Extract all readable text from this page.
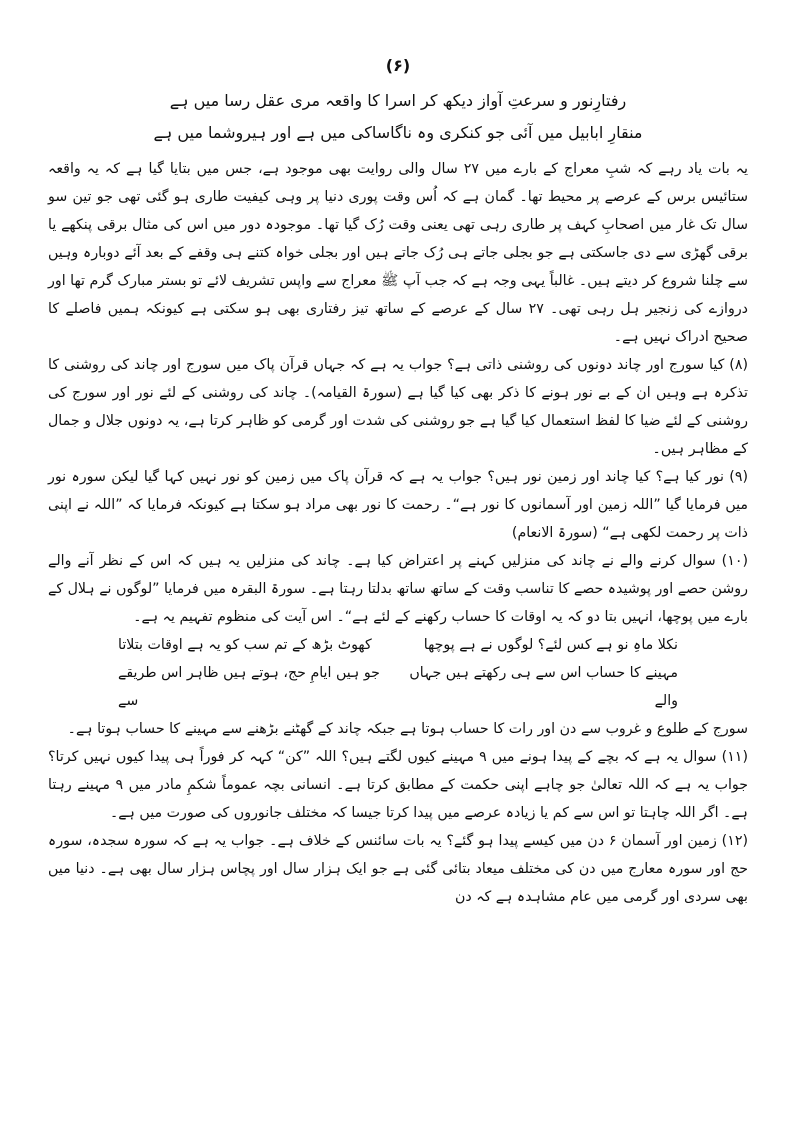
(۶)
رفتارِنور و سرعتِ آواز دیکھ کر اسرا کا واقعہ مری عقل رسا میں ہے
منقارِ ابابیل میں آئی جو کنکری وہ ناگاساکی میں ہے اور ہیروشما میں ہے

یہ بات یاد رہے کہ شبِ معراج کے بارے میں ۲۷ سال والی روایت بھی موجود ہے، جس میں بتایا گیا ہے کہ یہ واقعہ ستائیس برس کے عرصے پر محیط تھا۔ گمان ہے کہ اُس وقت پوری دنیا پر وہی کیفیت طاری ہو گئی تھی جو تین سو سال تک غار میں اصحابِ کہف پر طاری رہی تھی یعنی وقت رُک گیا تھا۔ موجودہ دور میں اس کی مثال برقی پنکھے یا برقی گھڑی سے دی جاسکتی ہے جو بجلی جاتے ہی رُک جاتے ہیں اور بجلی خواہ کتنے ہی وقفے کے بعد آئے دوبارہ وہیں سے چلنا شروع کر دیتے ہیں۔ غالباً یہی وجہ ہے کہ جب آپ ﷺ معراج سے واپس تشریف لائے تو بستر مبارک گرم تھا اور دروازے کی زنجیر ہل رہی تھی۔ ۲۷ سال کے عرصے کے ساتھ تیز رفتاری بھی ہو سکتی ہے کیونکہ ہمیں فاصلے کا صحیح ادراک نہیں ہے۔

(۸) کیا سورج اور چاند دونوں کی روشنی ذاتی ہے؟ جواب یہ ہے کہ جہاں قرآن پاک میں سورج اور چاند کی روشنی کا تذکرہ ہے وہیں ان کے بے نور ہونے کا ذکر بھی کیا گیا ہے (سورۃ القیامہ)۔ چاند کی روشنی کے لئے نور اور سورج کی روشنی کے لئے ضیا کا لفظ استعمال کیا گیا ہے جو روشنی کی شدت اور گرمی کو ظاہر کرتا ہے، یہ دونوں جلال و جمال کے مظاہر ہیں۔

(۹) نور کیا ہے؟ کیا چاند اور زمین نور ہیں؟ جواب یہ ہے کہ قرآن پاک میں زمین کو نور نہیں کہا گیا لیکن سورہ نور میں فرمایا گیا ”اللہ زمین اور آسمانوں کا نور ہے“۔ رحمت کا نور بھی مراد ہو سکتا ہے کیونکہ فرمایا کہ ”اللہ نے اپنی ذات پر رحمت لکھی ہے“ (سورۃ الانعام)

(۱۰) سوال کرنے والے نے چاند کی منزلیں کہنے پر اعتراض کیا ہے۔ چاند کی منزلیں یہ ہیں کہ اس کے نظر آنے والے روشن حصے اور پوشیدہ حصے کا تناسب وقت کے ساتھ ساتھ بدلتا رہتا ہے۔ سورۃ البقرہ میں فرمایا ”لوگوں نے ہلال کے بارے میں پوچھا، انہیں بتا دو کہ یہ اوقات کا حساب رکھنے کے لئے ہے“۔ اس آیت کی منظوم تفہیم یہ ہے۔

نکلا ماہِ نو ہے کس لئے؟ لوگوں نے ہے پوچھا
کھوٹ بڑھ کے تم سب کو یہ ہے اوقات بتلاتا
مہینے کا حساب اس سے ہی رکھتے ہیں جہاں والے
جو ہیں ایامِ حج، ہوتے ہیں ظاہر اس طریقے سے

سورج کے طلوع و غروب سے دن اور رات کا حساب ہوتا ہے جبکہ چاند کے گھٹنے بڑھنے سے مہینے کا حساب ہوتا ہے۔

(۱۱) سوال یہ ہے کہ بچے کے پیدا ہونے میں ۹ مہینے کیوں لگتے ہیں؟ اللہ ”کن“ کہہ کر فوراً ہی پیدا کیوں نہیں کرتا؟ جواب یہ ہے کہ اللہ تعالیٰ جو چاہے اپنی حکمت کے مطابق کرتا ہے۔ انسانی بچہ عموماً شکمِ مادر میں ۹ مہینے رہتا ہے۔ اگر اللہ چاہتا تو اس سے کم یا زیادہ عرصے میں پیدا کرتا جیسا کہ مختلف جانوروں کی صورت میں ہے۔

(۱۲) زمین اور آسمان ۶ دن میں کیسے پیدا ہو گئے؟ یہ بات سائنس کے خلاف ہے۔ جواب یہ ہے کہ سورہ سجدہ، سورہ حج اور سورہ معارج میں دن کی مختلف میعاد بتائی گئی ہے جو ایک ہزار سال اور پچاس ہزار سال بھی ہے۔ دنیا میں بھی سردی اور گرمی میں عام مشاہدہ ہے کہ دن
